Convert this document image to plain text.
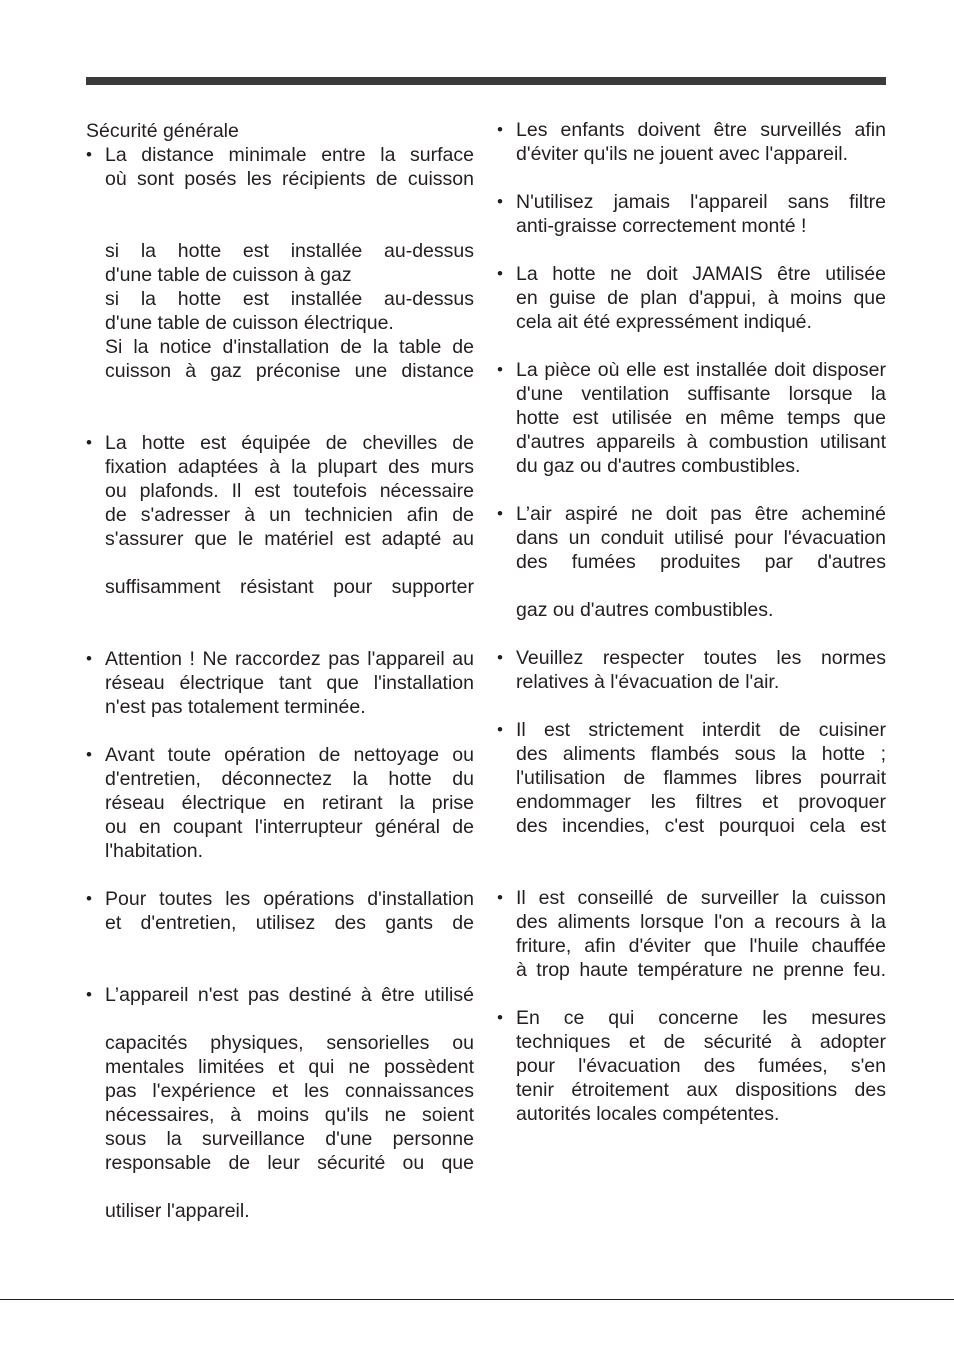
Sécurité générale
• La distance minimale entre la surface
où sont posés les récipients de cuisson
si la hotte est installée au-dessus
d'une table de cuisson à gaz
si la hotte est installée au-dessus
d'une table de cuisson électrique.
Si la notice d'installation de la table de
cuisson à gaz préconise une distance
• La hotte est équipée de chevilles de
fixation adaptées à la plupart des murs
ou plafonds. Il est toutefois nécessaire
de s'adresser à un technicien afin de
s'assurer que le matériel est adapté au
suffisamment résistant pour supporter
• Attention ! Ne raccordez pas l'appareil au
réseau électrique tant que l'installation
n'est pas totalement terminée.
• Avant toute opération de nettoyage ou
d'entretien, déconnectez la hotte du
réseau électrique en retirant la prise
ou en coupant l'interrupteur général de
l'habitation.
• Pour toutes les opérations d'installation
et d'entretien, utilisez des gants de
• L’appareil n'est pas destiné à être utilisé
capacités physiques, sensorielles ou
mentales limitées et qui ne possèdent
pas l'expérience et les connaissances
nécessaires, à moins qu'ils ne soient
sous la surveillance d'une personne
responsable de leur sécurité ou que
utiliser l'appareil.
• Les enfants doivent être surveillés afin
d'éviter qu'ils ne jouent avec l'appareil.
• N'utilisez jamais l'appareil sans filtre
anti-graisse correctement monté !
• La hotte ne doit JAMAIS être utilisée
en guise de plan d'appui, à moins que
cela ait été expressément indiqué.
• La pièce où elle est installée doit disposer
d'une ventilation suffisante lorsque la
hotte est utilisée en même temps que
d'autres appareils à combustion utilisant
du gaz ou d'autres combustibles.
• L’air aspiré ne doit pas être acheminé
dans un conduit utilisé pour l'évacuation
des fumées produites par d'autres
gaz ou d'autres combustibles.
• Veuillez respecter toutes les normes
relatives à l'évacuation de l'air.
• Il est strictement interdit de cuisiner
des aliments flambés sous la hotte ;
l'utilisation de flammes libres pourrait
endommager les filtres et provoquer
des incendies, c'est pourquoi cela est
• Il est conseillé de surveiller la cuisson
des aliments lorsque l'on a recours à la
friture, afin d'éviter que l'huile chauffée
à trop haute température ne prenne feu.
• En ce qui concerne les mesures
techniques et de sécurité à adopter
pour l'évacuation des fumées, s'en
tenir étroitement aux dispositions des
autorités locales compétentes.
